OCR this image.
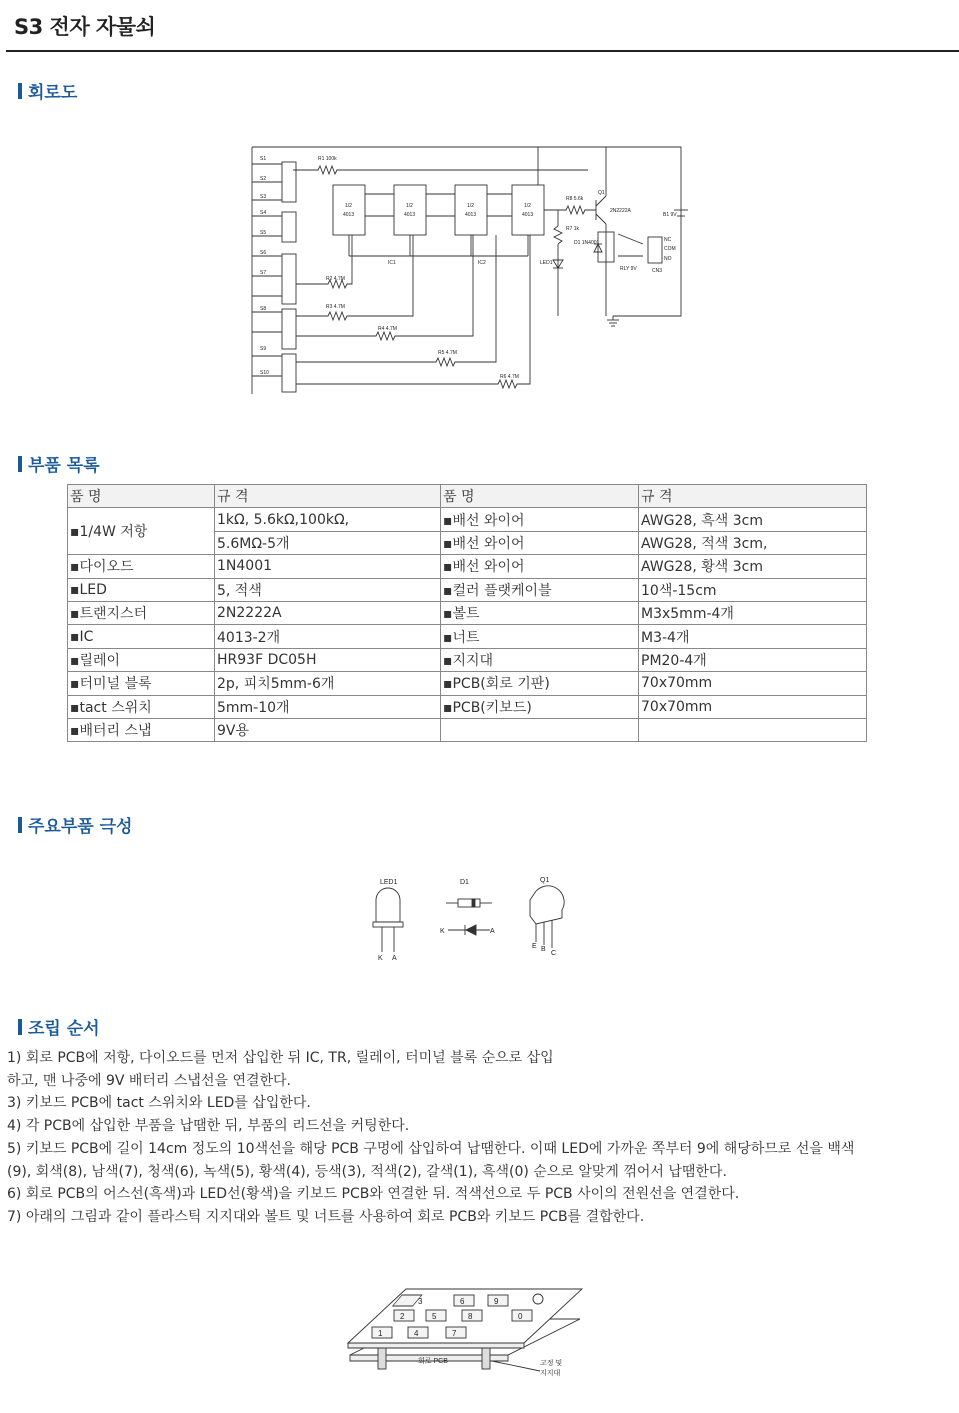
S3 전자 자물쇠
회로도
1/2
4013
1/2
4013
1/2
4013
1/2
4013
IC1	IC2
R1 100k
R2 4.7M
R3 4.7M
R4 4.7M
R5 4.7M
R6 4.7M
R7 1k
R8 5.6k
Q1
2N2222A
LED1
D1 1N4001
B1 9V
RLY 9V
NC
COM
NO
CN3
S1
S2
S3
S4
S5
S6
S7
S8
S9
S10
부품 목록
품 명	규 격	품 명	규 격
▪1/4W 저항	1kΩ, 5.6kΩ,100kΩ,	▪배선 와이어	AWG28, 흑색 3cm
	5.6MΩ-5개	▪배선 와이어	AWG28, 적색 3cm,
▪다이오드	1N4001	▪배선 와이어	AWG28, 황색 3cm
▪LED	5, 적색	▪컬러 플랫케이블	10색-15cm
▪트랜지스터	2N2222A	▪볼트	M3x5mm-4개
▪IC	4013-2개	▪너트	M3-4개
▪릴레이	HR93F DC05H	▪지지대	PM20-4개
▪터미널 블록	2p, 피치5mm-6개	▪PCB(회로 기판)	70x70mm
▪tact 스위치	5mm-10개	▪PCB(키보드)	70x70mm
▪배터리 스냅	9V용		
주요부품 극성
LED1
K A
D1
K	A
Q1
E B
C
조립 순서
1) 회로 PCB에 저항, 다이오드를 먼저 삽입한 뒤 IC, TR, 릴레이, 터미널 블록 순으로 삽입
하고, 맨 나중에 9V 배터리 스냅선을 연결한다.
3) 키보드 PCB에 tact 스위치와 LED를 삽입한다.
4) 각 PCB에 삽입한 부품을 납땜한 뒤, 부품의 리드선을 커팅한다.
5) 키보드 PCB에 길이 14cm 정도의 10색선을 해당 PCB 구멍에 삽입하여 납땜한다. 이때 LED에 가까운 쪽부터 9에 해당하므로 선을 백색
(9), 회색(8), 남색(7), 청색(6), 녹색(5), 황색(4), 등색(3), 적색(2), 갈색(1), 흑색(0) 순으로 알맞게 꺾어서 납땜한다.
6) 회로 PCB의 어스선(흑색)과 LED선(황색)을 키보드 PCB와 연결한 뒤. 적색선으로 두 PCB 사이의 전원선을 연결한다.
7) 아래의 그림과 같이 플라스틱 지지대와 볼트 및 너트를 사용하여 회로 PCB와 키보드 PCB를 결합한다.
3	6	9
2	5	8
1	4	7
0
회로 PCB	고정 및
지지대
